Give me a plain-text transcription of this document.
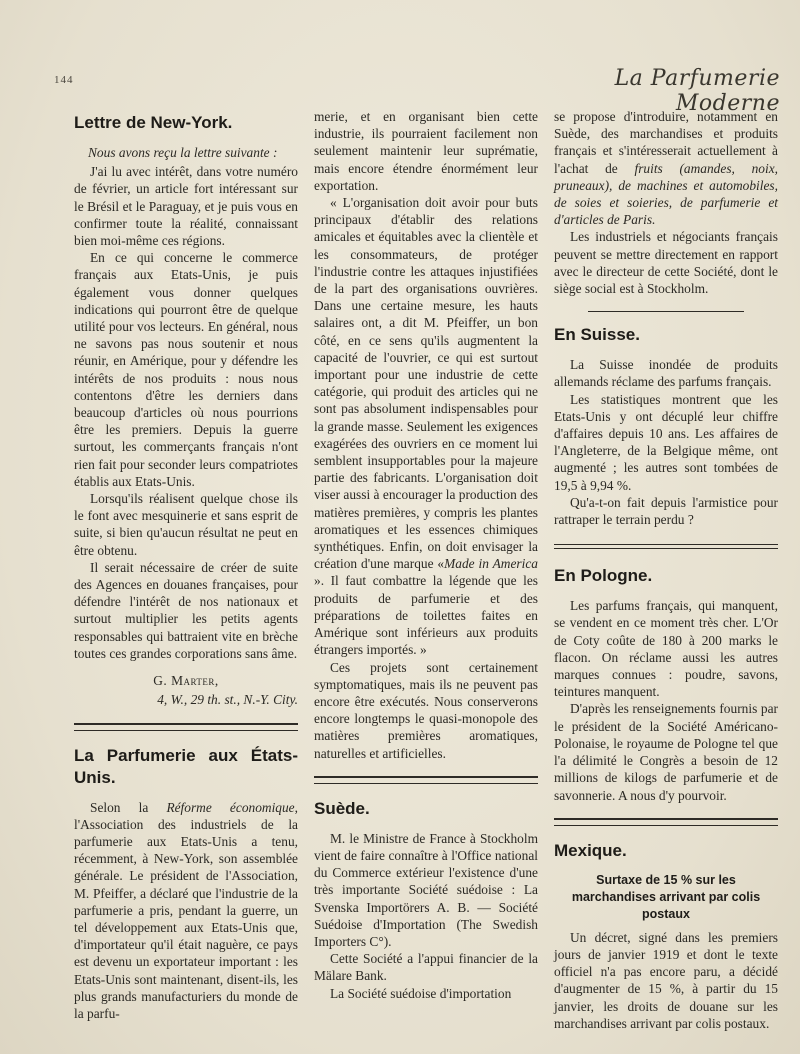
144	La Parfumerie Moderne
Lettre de New-York.

Nous avons reçu la lettre suivante :

J'ai lu avec intérêt, dans votre numéro de février, un article fort intéressant sur le Brésil et le Paraguay, et je puis vous en confirmer toute la réalité, connaissant bien moi-même ces régions.

En ce qui concerne le commerce français aux Etats-Unis, je puis également vous donner quelques indications qui pourront être de quelque utilité pour vos lecteurs. En général, nous ne savons pas nous soutenir et nous réunir, en Amérique, pour y défendre les intérêts de nos produits : nous nous contentons d'être les derniers dans beaucoup d'articles où nous pourrions être les premiers. Depuis la guerre surtout, les commerçants français n'ont rien fait pour seconder leurs compatriotes établis aux Etats-Unis.

Lorsqu'ils réalisent quelque chose ils le font avec mesquinerie et sans esprit de suite, si bien qu'aucun résultat ne peut en être obtenu.

Il serait nécessaire de créer de suite des Agences en douanes françaises, pour défendre l'intérêt de nos nationaux et surtout multiplier les petits agents responsables qui battraient vite en brèche toutes ces grandes corporations sans âme.

G. Marter,

4, W., 29 th. st., N.-Y. City.

La Parfumerie aux États-Unis.

Selon la Réforme économique, l'Association des industriels de la parfumerie aux Etats-Unis a tenu, récemment, à New-York, son assemblée générale. Le président de l'Association, M. Pfeiffer, a déclaré que l'industrie de la parfumerie a pris, pendant la guerre, un tel développement aux Etats-Unis que, d'importateur qu'il était naguère, ce pays est devenu un exportateur important : les Etats-Unis sont maintenant, disent-ils, les plus grands manufacturiers du monde de la parfu-

merie, et en organisant bien cette industrie, ils pourraient facilement non seulement maintenir leur suprématie, mais encore étendre énormément leur exportation.

« L'organisation doit avoir pour buts principaux d'établir des relations amicales et équitables avec la clientèle et les consommateurs, de protéger l'industrie contre les attaques injustifiées de la part des organisations ouvrières. Dans une certaine mesure, les hauts salaires ont, a dit M. Pfeiffer, un bon côté, en ce sens qu'ils augmentent la capacité de l'ouvrier, ce qui est surtout important pour une industrie de cette catégorie, qui produit des articles qui ne sont pas absolument indispensables pour la grande masse. Seulement les exigences exagérées des ouvriers en ce moment lui semblent insupportables pour la majeure partie des fabricants. L'organisation doit viser aussi à encourager la production des matières premières, y compris les plantes aromatiques et les essences chimiques synthétiques. Enfin, on doit envisager la création d'une marque «Made in America ». Il faut combattre la légende que les produits de parfumerie et des préparations de toilettes faites en Amérique sont inférieurs aux produits étrangers importés. »

Ces projets sont certainement symptomatiques, mais ils ne peuvent pas encore être exécutés. Nous conserverons encore longtemps le quasi-monopole des matières premières aromatiques, naturelles et artificielles.

Suède.

M. le Ministre de France à Stockholm vient de faire connaître à l'Office national du Commerce extérieur l'existence d'une très importante Société suédoise : La Svenska Importörers A. B. — Société Suédoise d'Importation (The Swedish Importers C°).

Cette Société a l'appui financier de la Mälare Bank.

La Société suédoise d'importation

se propose d'introduire, notamment en Suède, des marchandises et produits français et s'intéresserait actuellement à l'achat de fruits (amandes, noix, pruneaux), de machines et automobiles, de soies et soieries, de parfumerie et d'articles de Paris.

Les industriels et négociants français peuvent se mettre directement en rapport avec le directeur de cette Société, dont le siège social est à Stockholm.

En Suisse.

La Suisse inondée de produits allemands réclame des parfums français.

Les statistiques montrent que les Etats-Unis y ont décuplé leur chiffre d'affaires depuis 10 ans. Les affaires de l'Angleterre, de la Belgique même, ont augmenté ; les autres sont tombées de 19,5 à 9,94 %.

Qu'a-t-on fait depuis l'armistice pour rattraper le terrain perdu ?

En Pologne.

Les parfums français, qui manquent, se vendent en ce moment très cher. L'Or de Coty coûte de 180 à 200 marks le flacon. On réclame aussi les autres marques connues : poudre, savons, teintures manquent.

D'après les renseignements fournis par le président de la Société Américano-Polonaise, le royaume de Pologne tel que l'a délimité le Congrès a besoin de 12 millions de kilogs de parfumerie et de savonnerie. A nous d'y pourvoir.

Mexique.
Surtaxe de 15 % sur les marchandises arrivant par colis postaux

Un décret, signé dans les premiers jours de janvier 1919 et dont le texte officiel n'a pas encore paru, a décidé d'augmenter de 15 %, à partir du 15 janvier, les droits de douane sur les marchandises arrivant par colis postaux.
